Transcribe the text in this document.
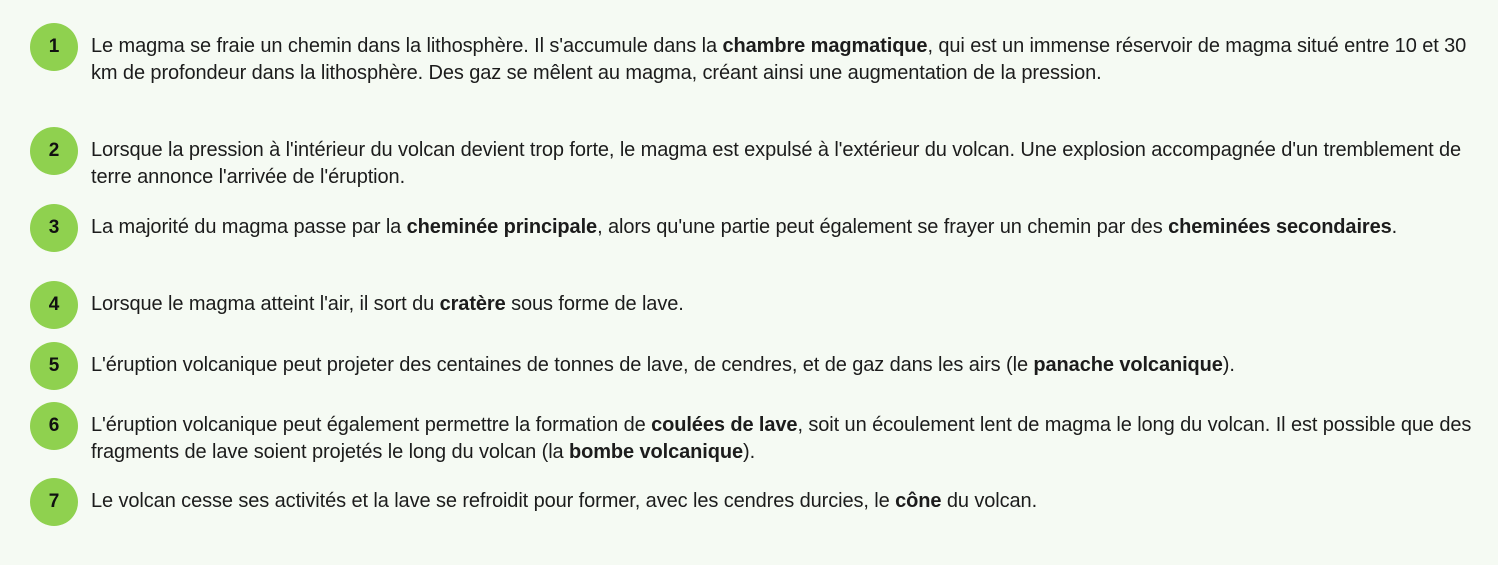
1	Le magma se fraie un chemin dans la lithosphère. Il s'accumule dans la chambre magmatique, qui est un immense réservoir de magma situé entre 10 et 30 km de profondeur dans la lithosphère. Des gaz se mêlent au magma, créant ainsi une augmentation de la pression.
2	Lorsque la pression à l'intérieur du volcan devient trop forte, le magma est expulsé à l'extérieur du volcan. Une explosion accompagnée d'un tremblement de terre annonce l'arrivée de l'éruption.
3	La majorité du magma passe par la cheminée principale, alors qu'une partie peut également se frayer un chemin par des cheminées secondaires.
4	Lorsque le magma atteint l'air, il sort du cratère sous forme de lave.
5	L'éruption volcanique peut projeter des centaines de tonnes de lave, de cendres, et de gaz dans les airs (le panache volcanique).
6	L'éruption volcanique peut également permettre la formation de coulées de lave, soit un écoulement lent de magma le long du volcan. Il est possible que des fragments de lave soient projetés le long du volcan (la bombe volcanique).
7	Le volcan cesse ses activités et la lave se refroidit pour former, avec les cendres durcies, le cône du volcan.
